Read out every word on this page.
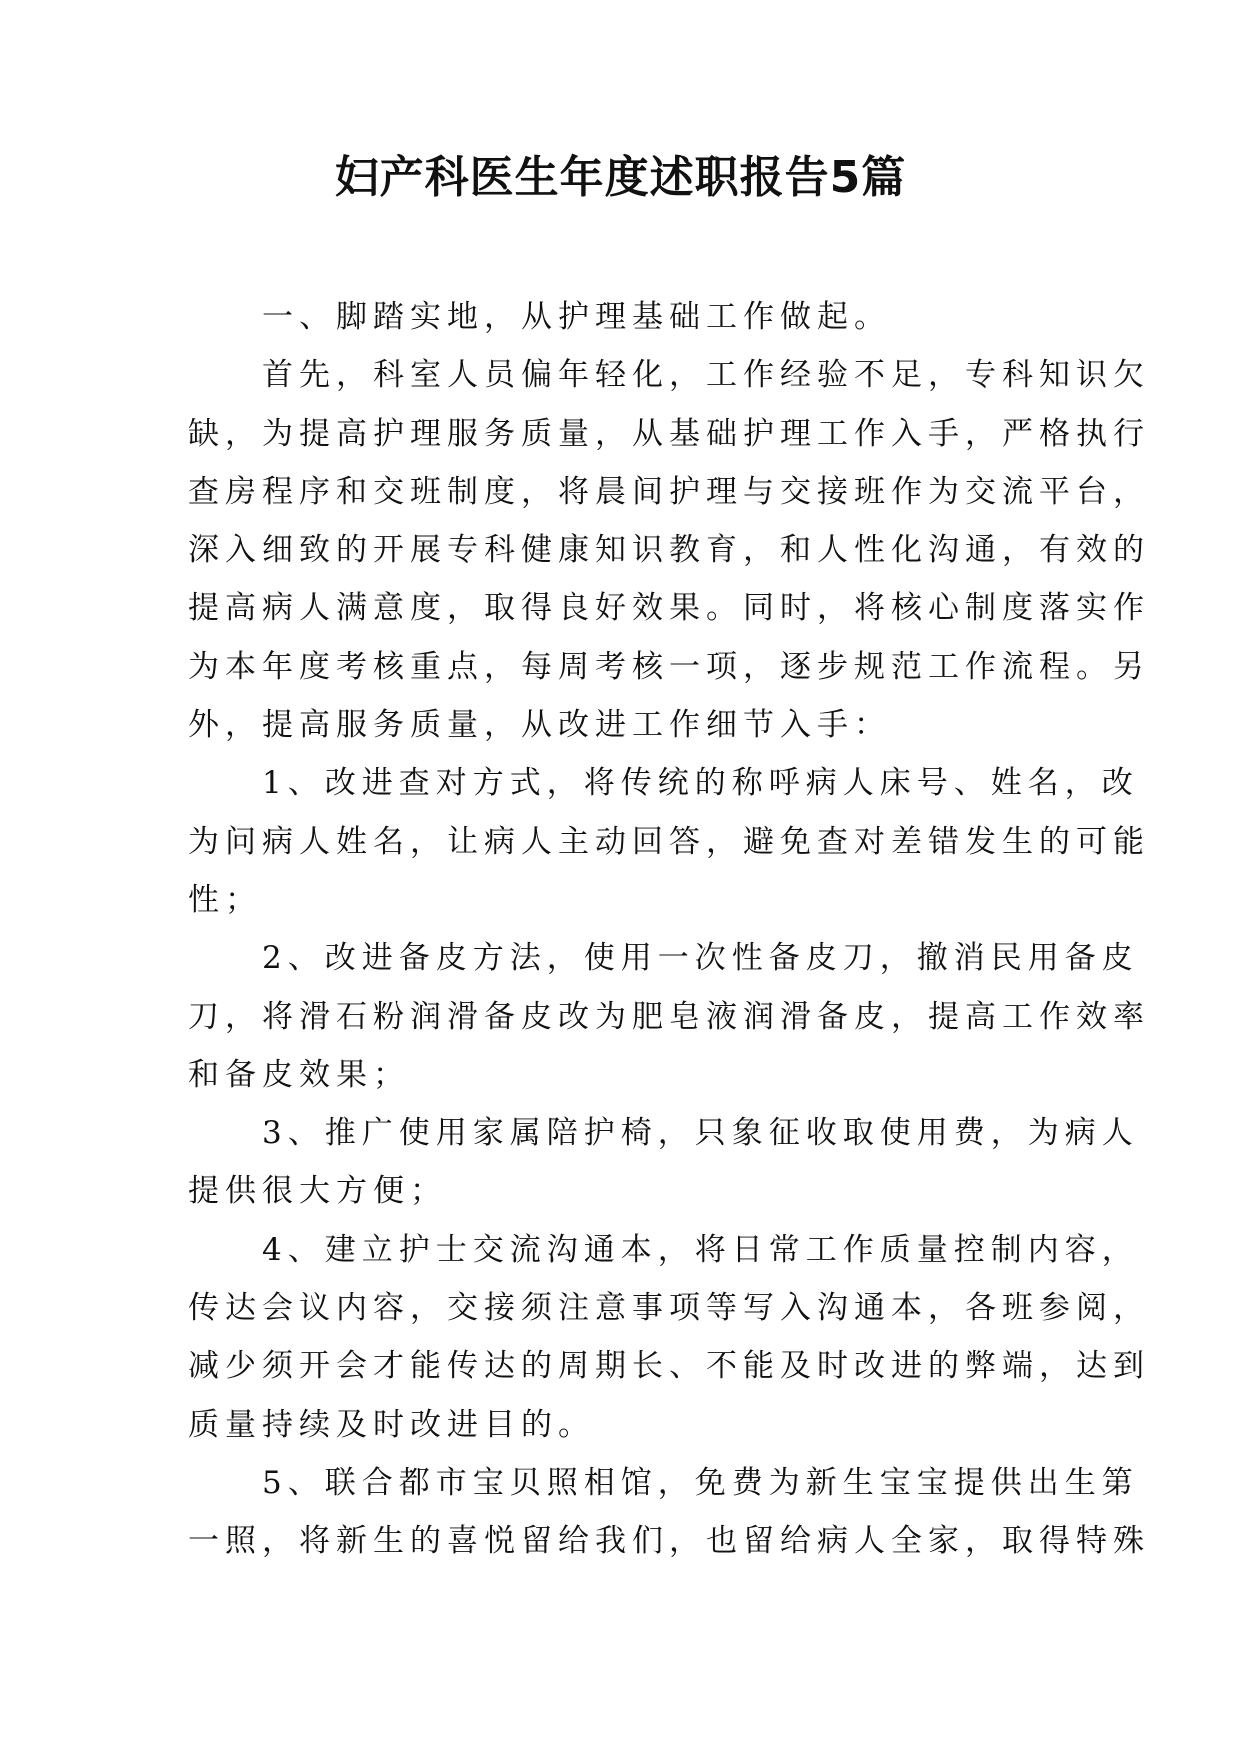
妇产科医生年度述职报告5篇
一、脚踏实地，从护理基础工作做起。
首先，科室人员偏年轻化，工作经验不足，专科知识欠
缺，为提高护理服务质量，从基础护理工作入手，严格执行
查房程序和交班制度，将晨间护理与交接班作为交流平台，
深入细致的开展专科健康知识教育，和人性化沟通，有效的
提高病人满意度，取得良好效果。同时，将核心制度落实作
为本年度考核重点，每周考核一项，逐步规范工作流程。另
外，提高服务质量，从改进工作细节入手：
1、改进查对方式，将传统的称呼病人床号、姓名，改
为问病人姓名，让病人主动回答，避免查对差错发生的可能
性；
2、改进备皮方法，使用一次性备皮刀，撤消民用备皮
刀，将滑石粉润滑备皮改为肥皂液润滑备皮，提高工作效率
和备皮效果；
3、推广使用家属陪护椅，只象征收取使用费，为病人
提供很大方便；
4、建立护士交流沟通本，将日常工作质量控制内容，
传达会议内容，交接须注意事项等写入沟通本，各班参阅，
减少须开会才能传达的周期长、不能及时改进的弊端，达到
质量持续及时改进目的。
5、联合都市宝贝照相馆，免费为新生宝宝提供出生第
一照，将新生的喜悦留给我们，也留给病人全家，取得特殊
